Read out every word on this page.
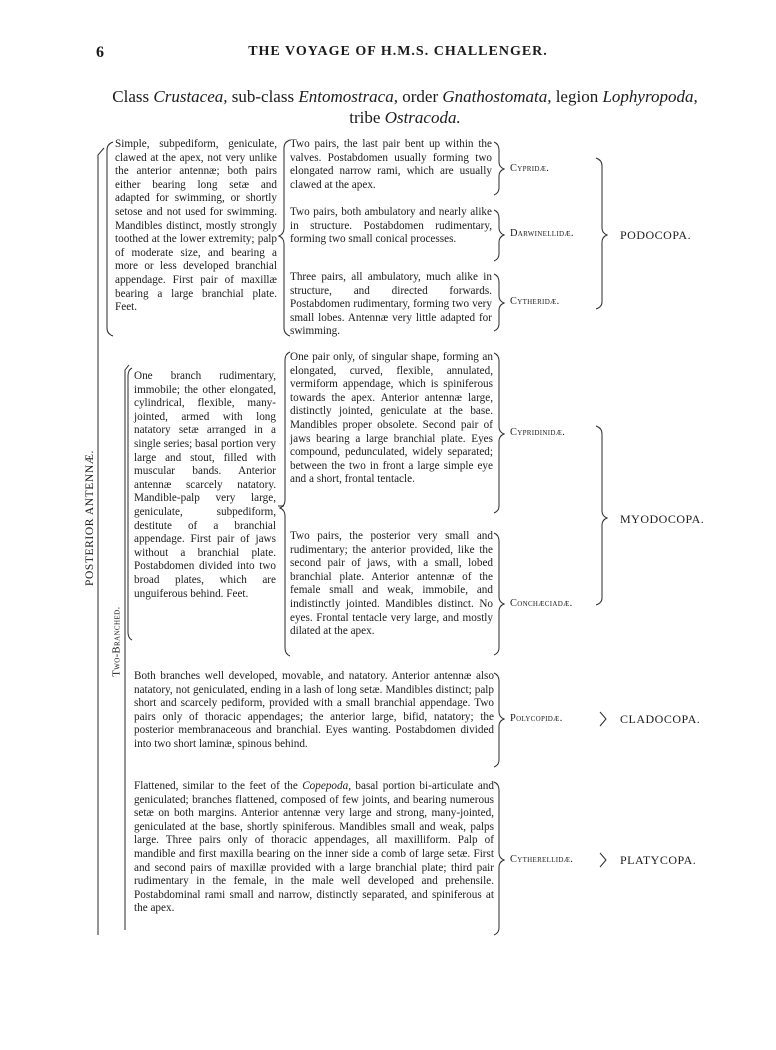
6	THE VOYAGE OF H.M.S. CHALLENGER.
Class Crustacea, sub-class Entomostraca, order Gnathostomata, legion Lophyropoda,
tribe Ostracoda.
POSTERIOR ANTENNÆ.
Two-Branched.
Simple, subpediform, geniculate, clawed at the apex, not very unlike the anterior antennæ; both pairs either bearing long setæ and adapted for swimming, or shortly setose and not used for swimming. Mandibles distinct, mostly strongly toothed at the lower extremity; palp of moderate size, and bearing a more or less developed branchial appendage. First pair of maxillæ bearing a large branchial plate. Feet.
Two pairs, the last pair bent up within the valves. Postabdomen usually forming two elongated narrow rami, which are usually clawed at the apex.
Two pairs, both ambulatory and nearly alike in structure. Postabdomen rudimentary, forming two small conical processes.
Three pairs, all ambulatory, much alike in structure, and directed forwards. Postabdomen rudimentary, forming two very small lobes. Antennæ very little adapted for swimming.
One branch rudimentary, immobile; the other elongated, cylindrical, flexible, many-jointed, armed with long natatory setæ arranged in a single series; basal portion very large and stout, filled with muscular bands. Anterior antennæ scarcely natatory. Mandible-palp very large, geniculate, subpediform, destitute of a branchial appendage. First pair of jaws without a branchial plate. Postabdomen divided into two broad plates, which are unguiferous behind. Feet.
One pair only, of singular shape, forming an elongated, curved, flexible, annulated, vermiform appendage, which is spiniferous towards the apex. Anterior antennæ large, distinctly jointed, geniculate at the base. Mandibles proper obsolete. Second pair of jaws bearing a large branchial plate. Eyes compound, pedunculated, widely separated; between the two in front a large simple eye and a short, frontal tentacle.
Two pairs, the posterior very small and rudimentary; the anterior provided, like the second pair of jaws, with a small, lobed branchial plate. Anterior antennæ of the female small and weak, immobile, and indistinctly jointed. Mandibles distinct. No eyes. Frontal tentacle very large, and mostly dilated at the apex.
Both branches well developed, movable, and natatory. Anterior antennæ also natatory, not geniculated, ending in a lash of long setæ. Mandibles distinct; palp short and scarcely pediform, provided with a small branchial appendage. Two pairs only of thoracic appendages; the anterior large, bifid, natatory; the posterior membranaceous and branchial. Eyes wanting. Postabdomen divided into two short laminæ, spinous behind.
Flattened, similar to the feet of the Copepoda, basal portion bi-articulate and geniculated; branches flattened, composed of few joints, and bearing numerous setæ on both margins. Anterior antennæ very large and strong, many-jointed, geniculated at the base, shortly spiniferous. Mandibles small and weak, palps large. Three pairs only of thoracic appendages, all maxilliform. Palp of mandible and first maxilla bearing on the inner side a comb of large setæ. First and second pairs of maxillæ provided with a large branchial plate; third pair rudimentary in the female, in the male well developed and prehensile. Postabdominal rami small and narrow, distinctly separated, and spiniferous at the apex.
Cypridæ.
Darwinellidæ.
Cytheridæ.
Cypridinidæ.
Conchæciadæ.
Polycopidæ.
Cytherellidæ.
PODOCOPA.
MYODOCOPA.
CLADOCOPA.
PLATYCOPA.
